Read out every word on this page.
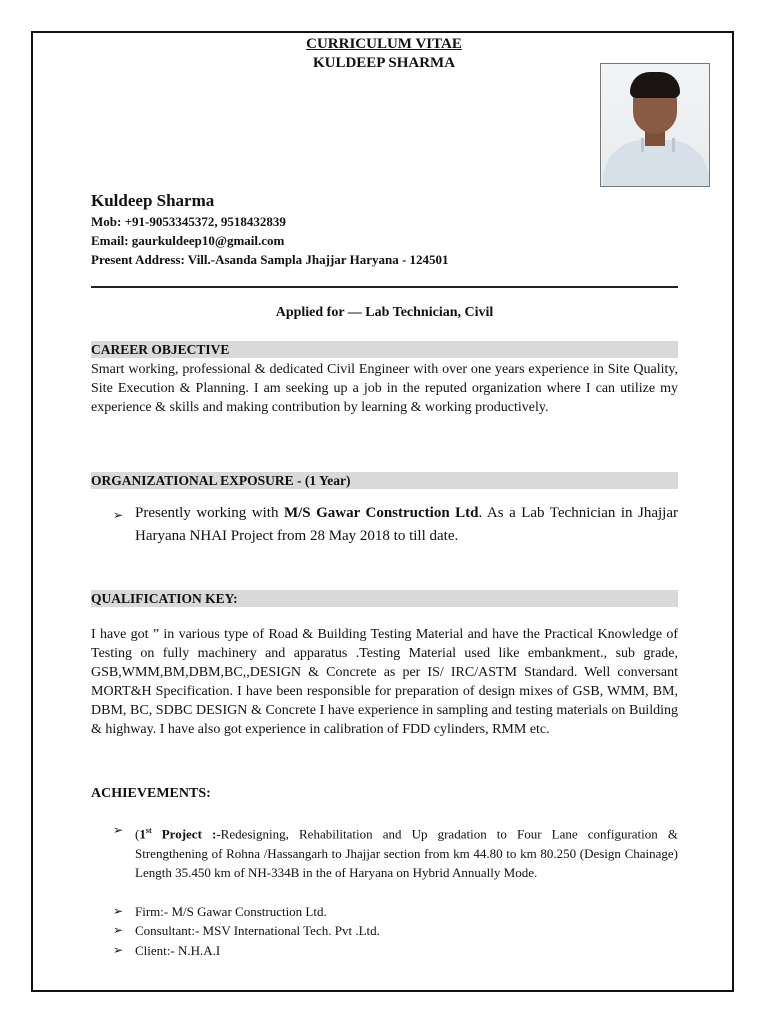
CURRICULUM VITAE
KULDEEP SHARMA
Kuldeep Sharma
Mob: +91-9053345372, 9518432839
Email: gaurkuldeep10@gmail.com
Present Address: Vill.-Asanda Sampla Jhajjar Haryana - 124501
Applied for — Lab Technician, Civil
CAREER OBJECTIVE
Smart working, professional & dedicated Civil Engineer with over one years experience in Site Quality, Site Execution & Planning. I am seeking up a job in the reputed organization where I can utilize my experience & skills and making contribution by learning & working productively.
ORGANIZATIONAL EXPOSURE - (1 Year)
➢ Presently working with M/S Gawar Construction Ltd. As a Lab Technician in Jhajjar Haryana NHAI Project from 28 May 2018 to till date.
QUALIFICATION KEY:
I have got ” in various type of Road & Building Testing Material and have the Practical Knowledge of Testing on fully machinery and apparatus .Testing Material used like embankment., sub grade, GSB,WMM,BM,DBM,BC,,DESIGN & Concrete as per IS/ IRC/ASTM Standard. Well conversant MORT&H Specification. I have been responsible for preparation of design mixes of GSB, WMM, BM, DBM, BC, SDBC DESIGN & Concrete I have experience in sampling and testing materials on Building & highway. I have also got experience in calibration of FDD cylinders, RMM etc.
ACHIEVEMENTS:
➢ (1st Project :-Redesigning, Rehabilitation and Up gradation to Four Lane configuration & Strengthening of Rohna /Hassangarh to Jhajjar section from km 44.80 to km 80.250 (Design Chainage) Length 35.450 km of NH-334B in the of Haryana on Hybrid Annually Mode.
➢ Firm:- M/S Gawar Construction Ltd.
➢ Consultant:- MSV International Tech. Pvt .Ltd.
➢ Client:- N.H.A.I
